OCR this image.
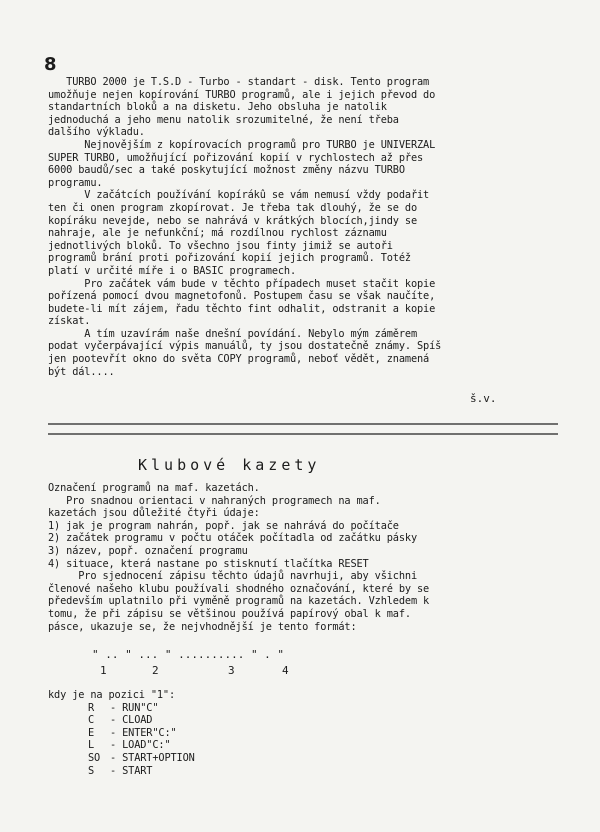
8
TURBO 2000 je T.S.D - Turbo - standart - disk. Tento program
umožňuje nejen kopírování TURBO programů, ale i jejich převod do
standartních bloků a na disketu. Jeho obsluha je natolik
jednoduchá a jeho menu natolik srozumitelné, že není třeba
dalšího výkladu.
Nejnovějším z kopírovacích programů pro TURBO je UNIVERZAL
SUPER TURBO, umožňující pořizování kopií v rychlostech až přes
6000 baudů/sec a také poskytující možnost změny názvu TURBO
programu.
V začátcích používání kopírákû se vám nemusí vždy podařit
ten či onen program zkopírovat. Je třeba tak dlouhý, že se do
kopíráku nevejde, nebo se nahrává v krátkých blocích,jindy se
nahraje, ale je nefunkční; má rozdílnou rychlost záznamu
jednotlivých bloků. To všechno jsou finty jimiž se autoři
programů brání proti pořizování kopií jejich programů. Totéž
platí v určité míře i o BASIC programech.
Pro začátek vám bude v těchto případech muset stačit kopie
pořízená pomocí dvou magnetofonů. Postupem času se však naučíte,
budete-li mít zájem, řadu těchto fint odhalit, odstranit a kopie
získat.
A tím uzavírám naše dnešní povídání. Nebylo mým záměrem
podat vyčerpávající výpis manuálů, ty jsou dostatečně známy. Spíš
jen pootevřít okno do světa COPY programů, neboť vědět, znamená
být dál....
š.v.
Klubové kazety
Označení programů na maf. kazetách.
Pro snadnou orientaci v nahraných programech na maf.
kazetách jsou důležité čtyři údaje:
1) jak je program nahrán, popř. jak se nahrává do počítače
2) začátek programu v počtu otáček počítadla od začátku pásky
3) název, popř. označení programu
4) situace, která nastane po stisknutí tlačítka RESET
Pro sjednocení zápisu těchto údajů navrhuji, aby všichni
členové našeho klubu používali shodného označování, které by se
především uplatnilo při vyměně programů na kazetách. Vzhledem k
tomu, že při zápisu se většinou používá papírový obal k maf.
pásce, ukazuje se, že nejvhodnější je tento formát:
" .. " ... " .......... " . "
1	2	3	4
kdy je na pozici "1":
R - RUN"C"
C - CLOAD
E - ENTER"C:"
L - LOAD"C:"
SO - START+OPTION
S - START
